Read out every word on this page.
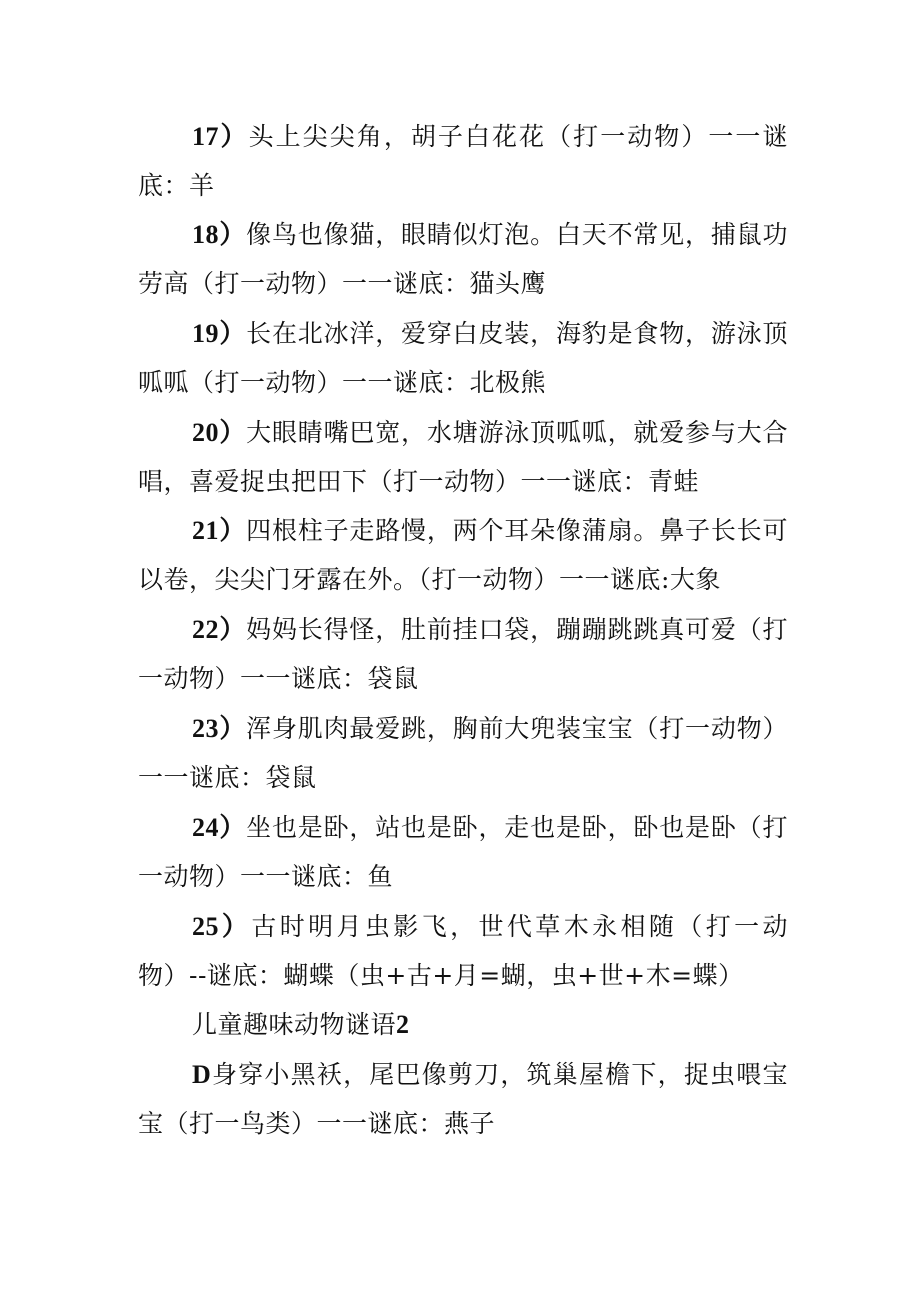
17）头上尖尖角，胡子白花花（打一动物）一一谜底：羊

18）像鸟也像猫，眼睛似灯泡。白天不常见，捕鼠功劳高（打一动物）一一谜底：猫头鹰

19）长在北冰洋，爱穿白皮装，海豹是食物，游泳顶呱呱（打一动物）一一谜底：北极熊

20）大眼睛嘴巴宽，水塘游泳顶呱呱，就爱参与大合唱，喜爱捉虫把田下（打一动物）一一谜底：青蛙

21）四根柱子走路慢，两个耳朵像蒲扇。鼻子长长可以卷，尖尖门牙露在外。（打一动物）一一谜底:大象

22）妈妈长得怪，肚前挂口袋，蹦蹦跳跳真可爱（打一动物）一一谜底：袋鼠

23）浑身肌肉最爱跳，胸前大兜装宝宝（打一动物）一一谜底：袋鼠

24）坐也是卧，站也是卧，走也是卧，卧也是卧（打一动物）一一谜底：鱼

25）古时明月虫影飞，世代草木永相随（打一动物）--谜底：蝴蝶（虫+古+月=蝴，虫+世+木=蝶）

儿童趣味动物谜语2

D身穿小黑袄，尾巴像剪刀，筑巢屋檐下，捉虫喂宝宝（打一鸟类）一一谜底：燕子
